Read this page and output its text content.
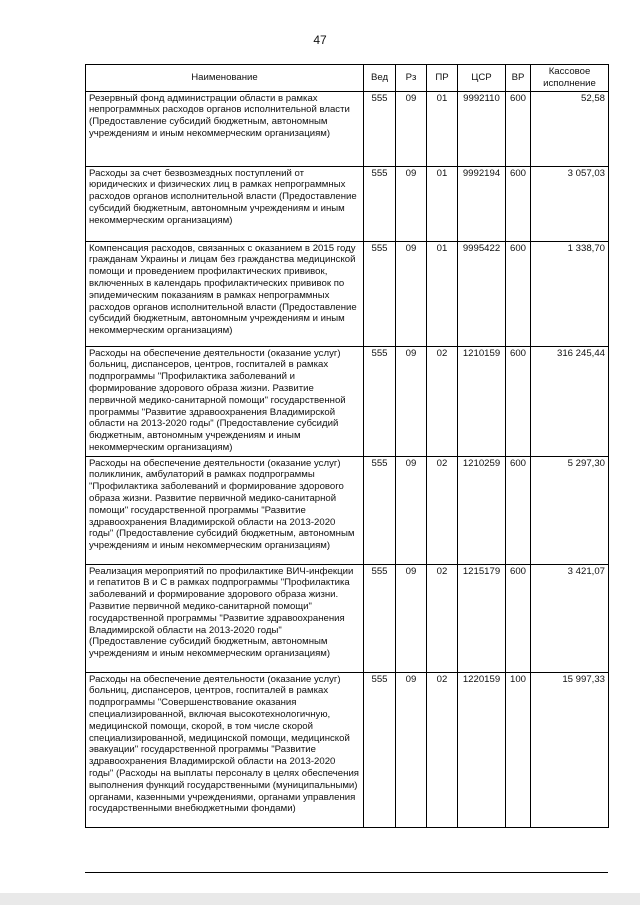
47
Наименование	Вед	Рз	ПР	ЦСР	ВР	Кассовое исполнение
Резервный фонд администрации области в рамках непрограммных расходов органов исполнительной власти (Предоставление субсидий бюджетным, автономным учреждениям и иным некоммерческим организациям)	555	09	01	9992110	600	52,58
Расходы за счет безвозмездных поступлений от юридических и физических лиц в рамках непрограммных расходов органов исполнительной власти (Предоставление субсидий бюджетным, автономным учреждениям и иным некоммерческим организациям)	555	09	01	9992194	600	3 057,03
Компенсация расходов, связанных с оказанием в 2015 году гражданам Украины и лицам без гражданства медицинской помощи и проведением профилактических прививок, включенных в календарь профилактических прививок по эпидемическим показаниям в рамках непрограммных расходов органов исполнительной власти (Предоставление субсидий бюджетным, автономным учреждениям и иным некоммерческим организациям)	555	09	01	9995422	600	1 338,70
Расходы на обеспечение деятельности (оказание услуг) больниц, диспансеров, центров, госпиталей в рамках подпрограммы "Профилактика заболеваний и формирование здорового образа жизни. Развитие первичной медико-санитарной помощи" государственной программы "Развитие здравоохранения Владимирской области на 2013-2020 годы" (Предоставление субсидий бюджетным, автономным учреждениям и иным некоммерческим организациям)	555	09	02	1210159	600	316 245,44
Расходы на обеспечение деятельности (оказание услуг) поликлиник, амбулаторий в рамках подпрограммы "Профилактика заболеваний и формирование здорового образа жизни. Развитие первичной медико-санитарной помощи" государственной программы "Развитие здравоохранения Владимирской области на 2013-2020 годы" (Предоставление субсидий бюджетным, автономным учреждениям и иным некоммерческим организациям)	555	09	02	1210259	600	5 297,30
Реализация мероприятий по профилактике ВИЧ-инфекции и гепатитов В и С в рамках подпрограммы "Профилактика заболеваний и формирование здорового образа жизни. Развитие первичной медико-санитарной помощи" государственной программы "Развитие здравоохранения Владимирской области на 2013-2020 годы" (Предоставление субсидий бюджетным, автономным учреждениям и иным некоммерческим организациям)	555	09	02	1215179	600	3 421,07
Расходы на обеспечение деятельности (оказание услуг) больниц, диспансеров, центров, госпиталей в рамках подпрограммы "Совершенствование оказания специализированной, включая высокотехнологичную, медицинской помощи, скорой, в том числе скорой специализированной, медицинской помощи, медицинской эвакуации" государственной программы "Развитие здравоохранения Владимирской области на 2013-2020 годы" (Расходы на выплаты персоналу в целях обеспечения выполнения функций государственными (муниципальными) органами, казенными учреждениями, органами управления государственными внебюджетными фондами)	555	09	02	1220159	100	15 997,33
